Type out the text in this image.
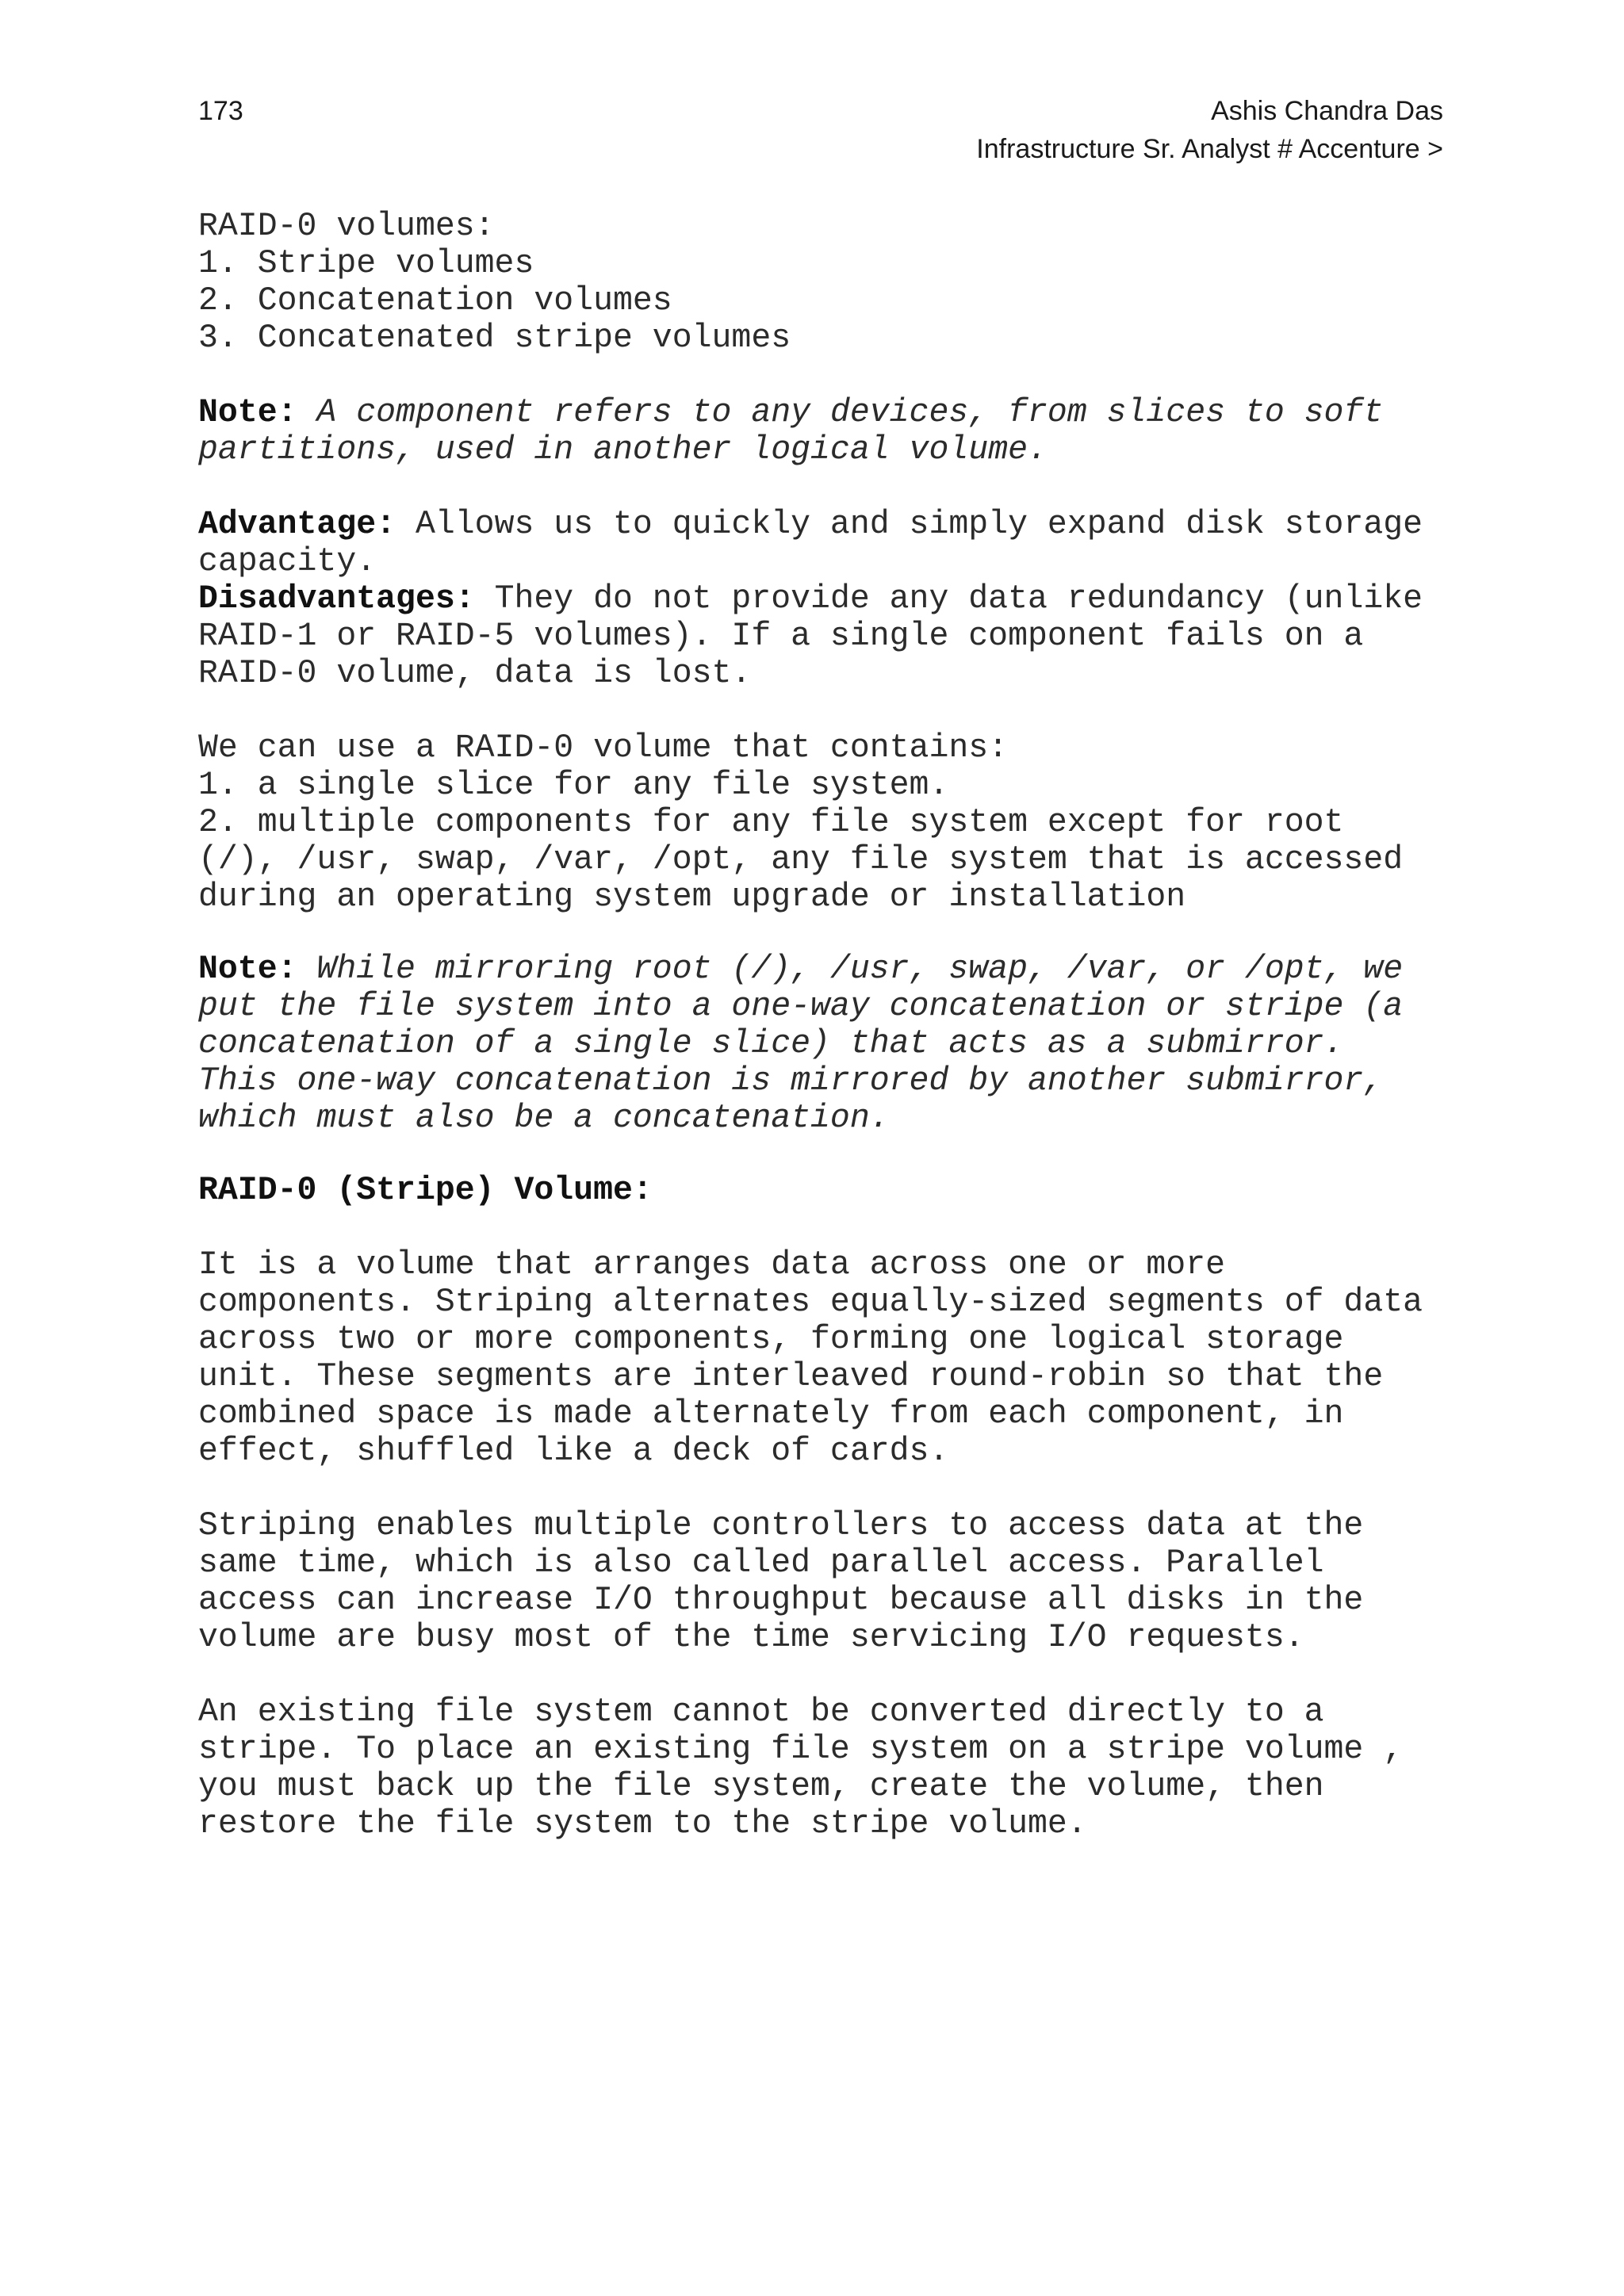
173	Ashis Chandra Das
Infrastructure Sr. Analyst # Accenture >

RAID-0 volumes:

1. Stripe volumes

2. Concatenation volumes

3. Concatenated stripe volumes

Note: A component refers to any devices, from slices to soft

partitions, used in another logical volume.

Advantage: Allows us to quickly and simply expand disk storage

capacity.

Disadvantages: They do not provide any data redundancy (unlike

RAID-1 or RAID-5 volumes). If a single component fails on a

RAID-0 volume, data is lost.

We can use a RAID-0 volume that contains:

1. a single slice for any file system.

2. multiple components for any file system except for root

(/), /usr, swap, /var, /opt, any file system that is accessed

during an operating system upgrade or installation

Note: While mirroring root (/), /usr, swap, /var, or /opt, we

put the file system into a one-way concatenation or stripe (a

concatenation of a single slice) that acts as a submirror.

This one-way concatenation is mirrored by another submirror,

which must also be a concatenation.

RAID-0 (Stripe) Volume:

It is a volume that arranges data across one or more

components. Striping alternates equally-sized segments of data

across two or more components, forming one logical storage

unit. These segments are interleaved round-robin so that the

combined space is made alternately from each component, in

effect, shuffled like a deck of cards.

Striping enables multiple controllers to access data at the

same time, which is also called parallel access. Parallel

access can increase I/O throughput because all disks in the

volume are busy most of the time servicing I/O requests.

An existing file system cannot be converted directly to a

stripe. To place an existing file system on a stripe volume ,

you must back up the file system, create the volume, then

restore the file system to the stripe volume.
